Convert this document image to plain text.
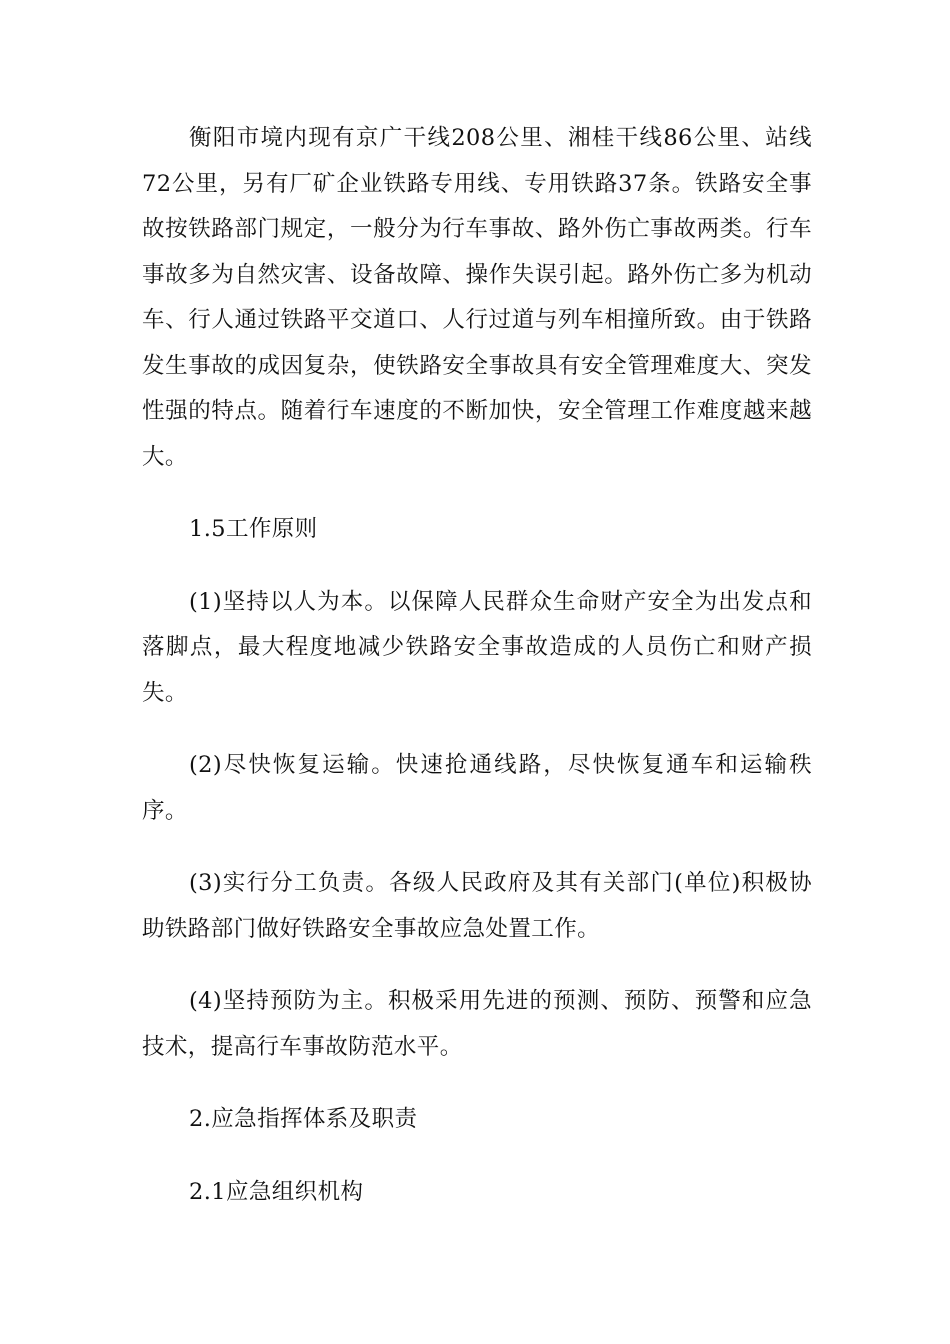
衡阳市境内现有京广干线208公里、湘桂干线86公里、站线72公里，另有厂矿企业铁路专用线、专用铁路37条。铁路安全事故按铁路部门规定，一般分为行车事故、路外伤亡事故两类。行车事故多为自然灾害、设备故障、操作失误引起。路外伤亡多为机动车、行人通过铁路平交道口、人行过道与列车相撞所致。由于铁路发生事故的成因复杂，使铁路安全事故具有安全管理难度大、突发性强的特点。随着行车速度的不断加快，安全管理工作难度越来越大。

1.5工作原则

(1)坚持以人为本。以保障人民群众生命财产安全为出发点和落脚点，最大程度地减少铁路安全事故造成的人员伤亡和财产损失。

(2)尽快恢复运输。快速抢通线路，尽快恢复通车和运输秩序。

(3)实行分工负责。各级人民政府及其有关部门(单位)积极协助铁路部门做好铁路安全事故应急处置工作。

(4)坚持预防为主。积极采用先进的预测、预防、预警和应急技术，提高行车事故防范水平。

2.应急指挥体系及职责

2.1应急组织机构
